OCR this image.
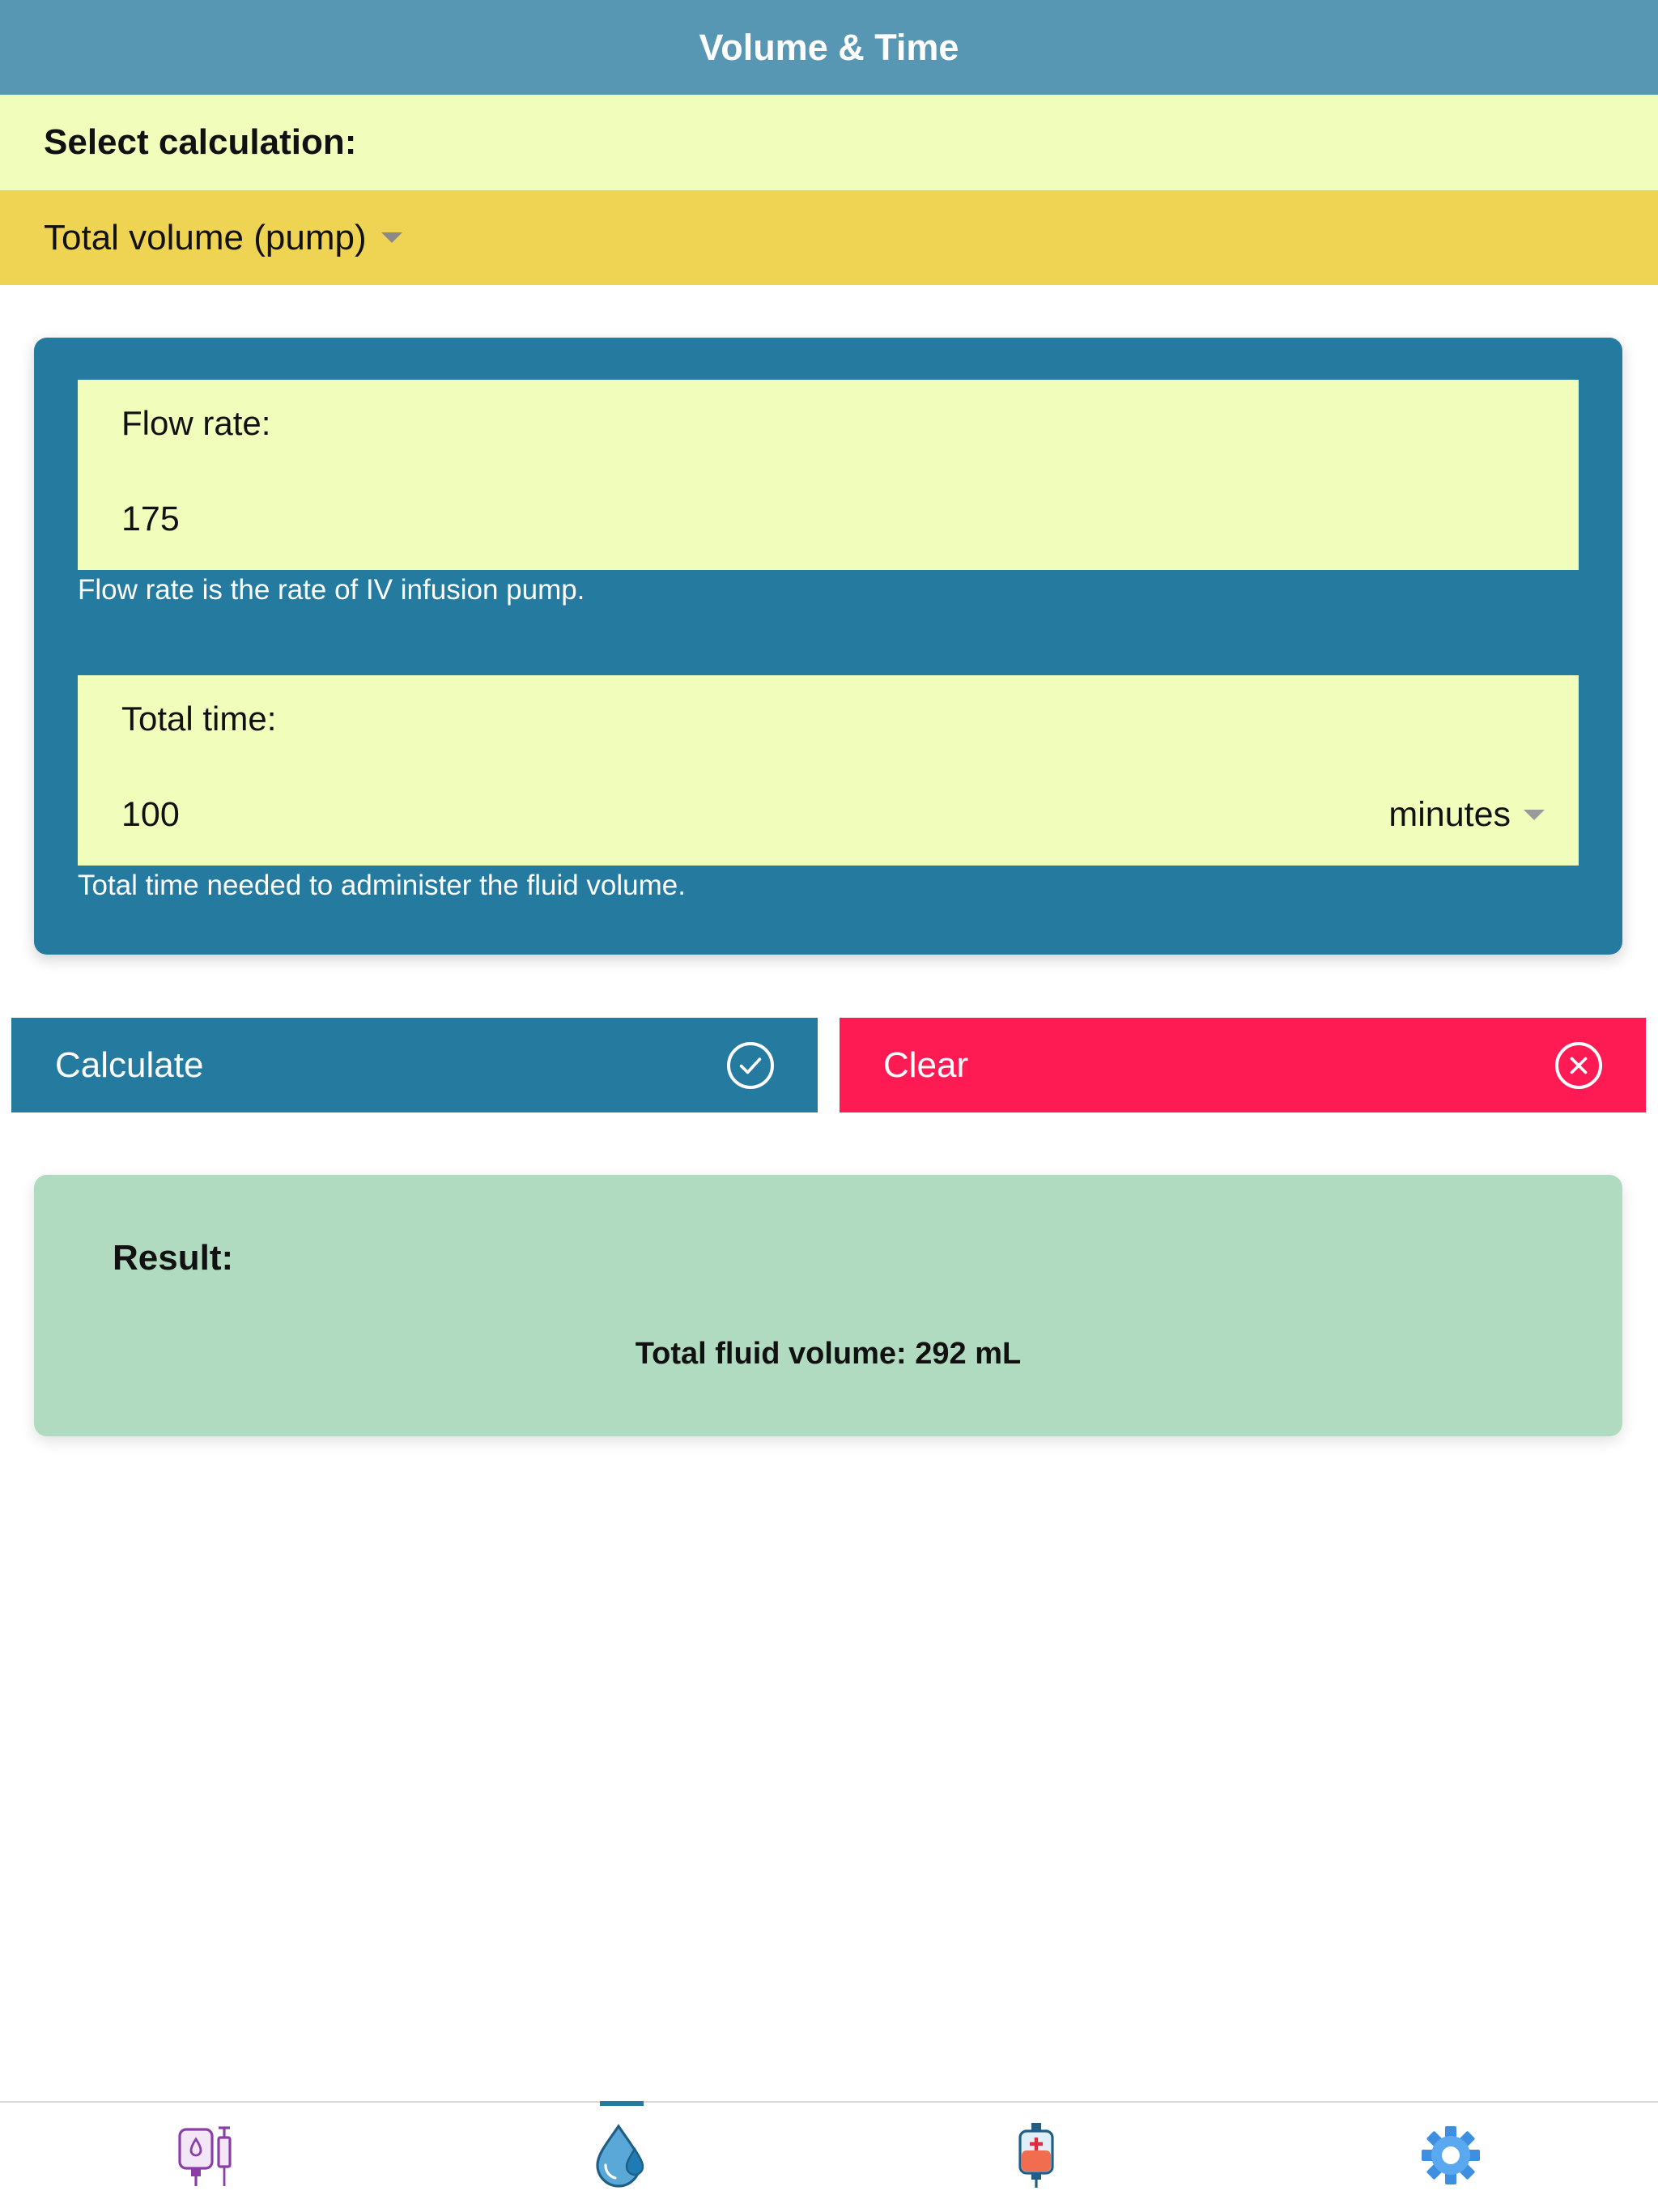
Volume & Time
Select calculation:
Total volume (pump)
Flow rate:
175
Flow rate is the rate of IV infusion pump.
Total time:
100	minutes
Total time needed to administer the fluid volume.
Calculate	Clear
Result:
Total fluid volume: 292 mL
